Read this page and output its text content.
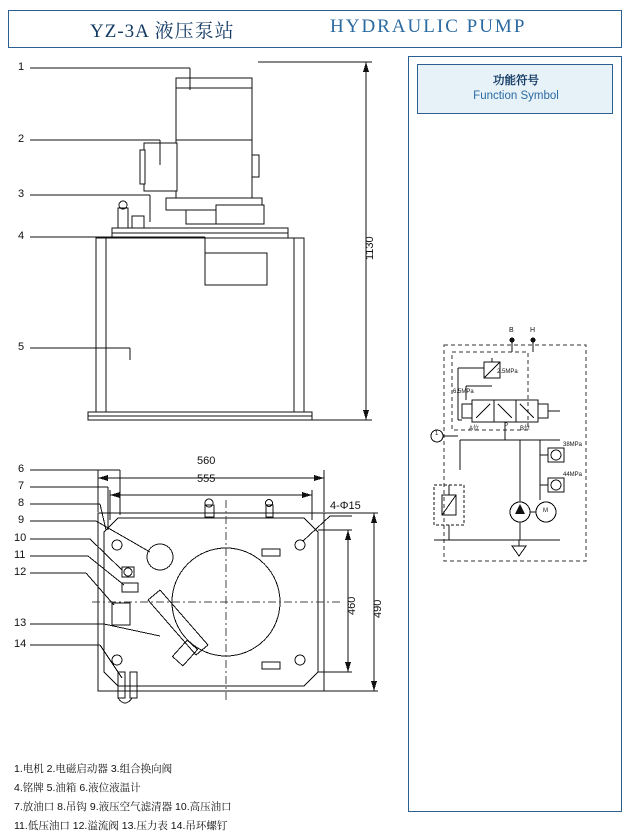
YZ-3A 液压泵站	HYDRAULIC PUMP
功能符号
Function Symbol
1
2
3
4
5
1130
6
7
8
9
10
11
12
13
14
560
555
4-Φ15
460 490
B H
2.5MPa
6.5MPa
A位	P B位
38MPa
44MPa
M
1
1.电机 2.电磁启动器 3.组合换向阀
4.铭牌 5.油箱 6.液位液温计
7.放油口 8.吊钩 9.液压空气滤清器 10.高压油口
11.低压油口 12.溢流阀 13.压力表 14.吊环螺钉
